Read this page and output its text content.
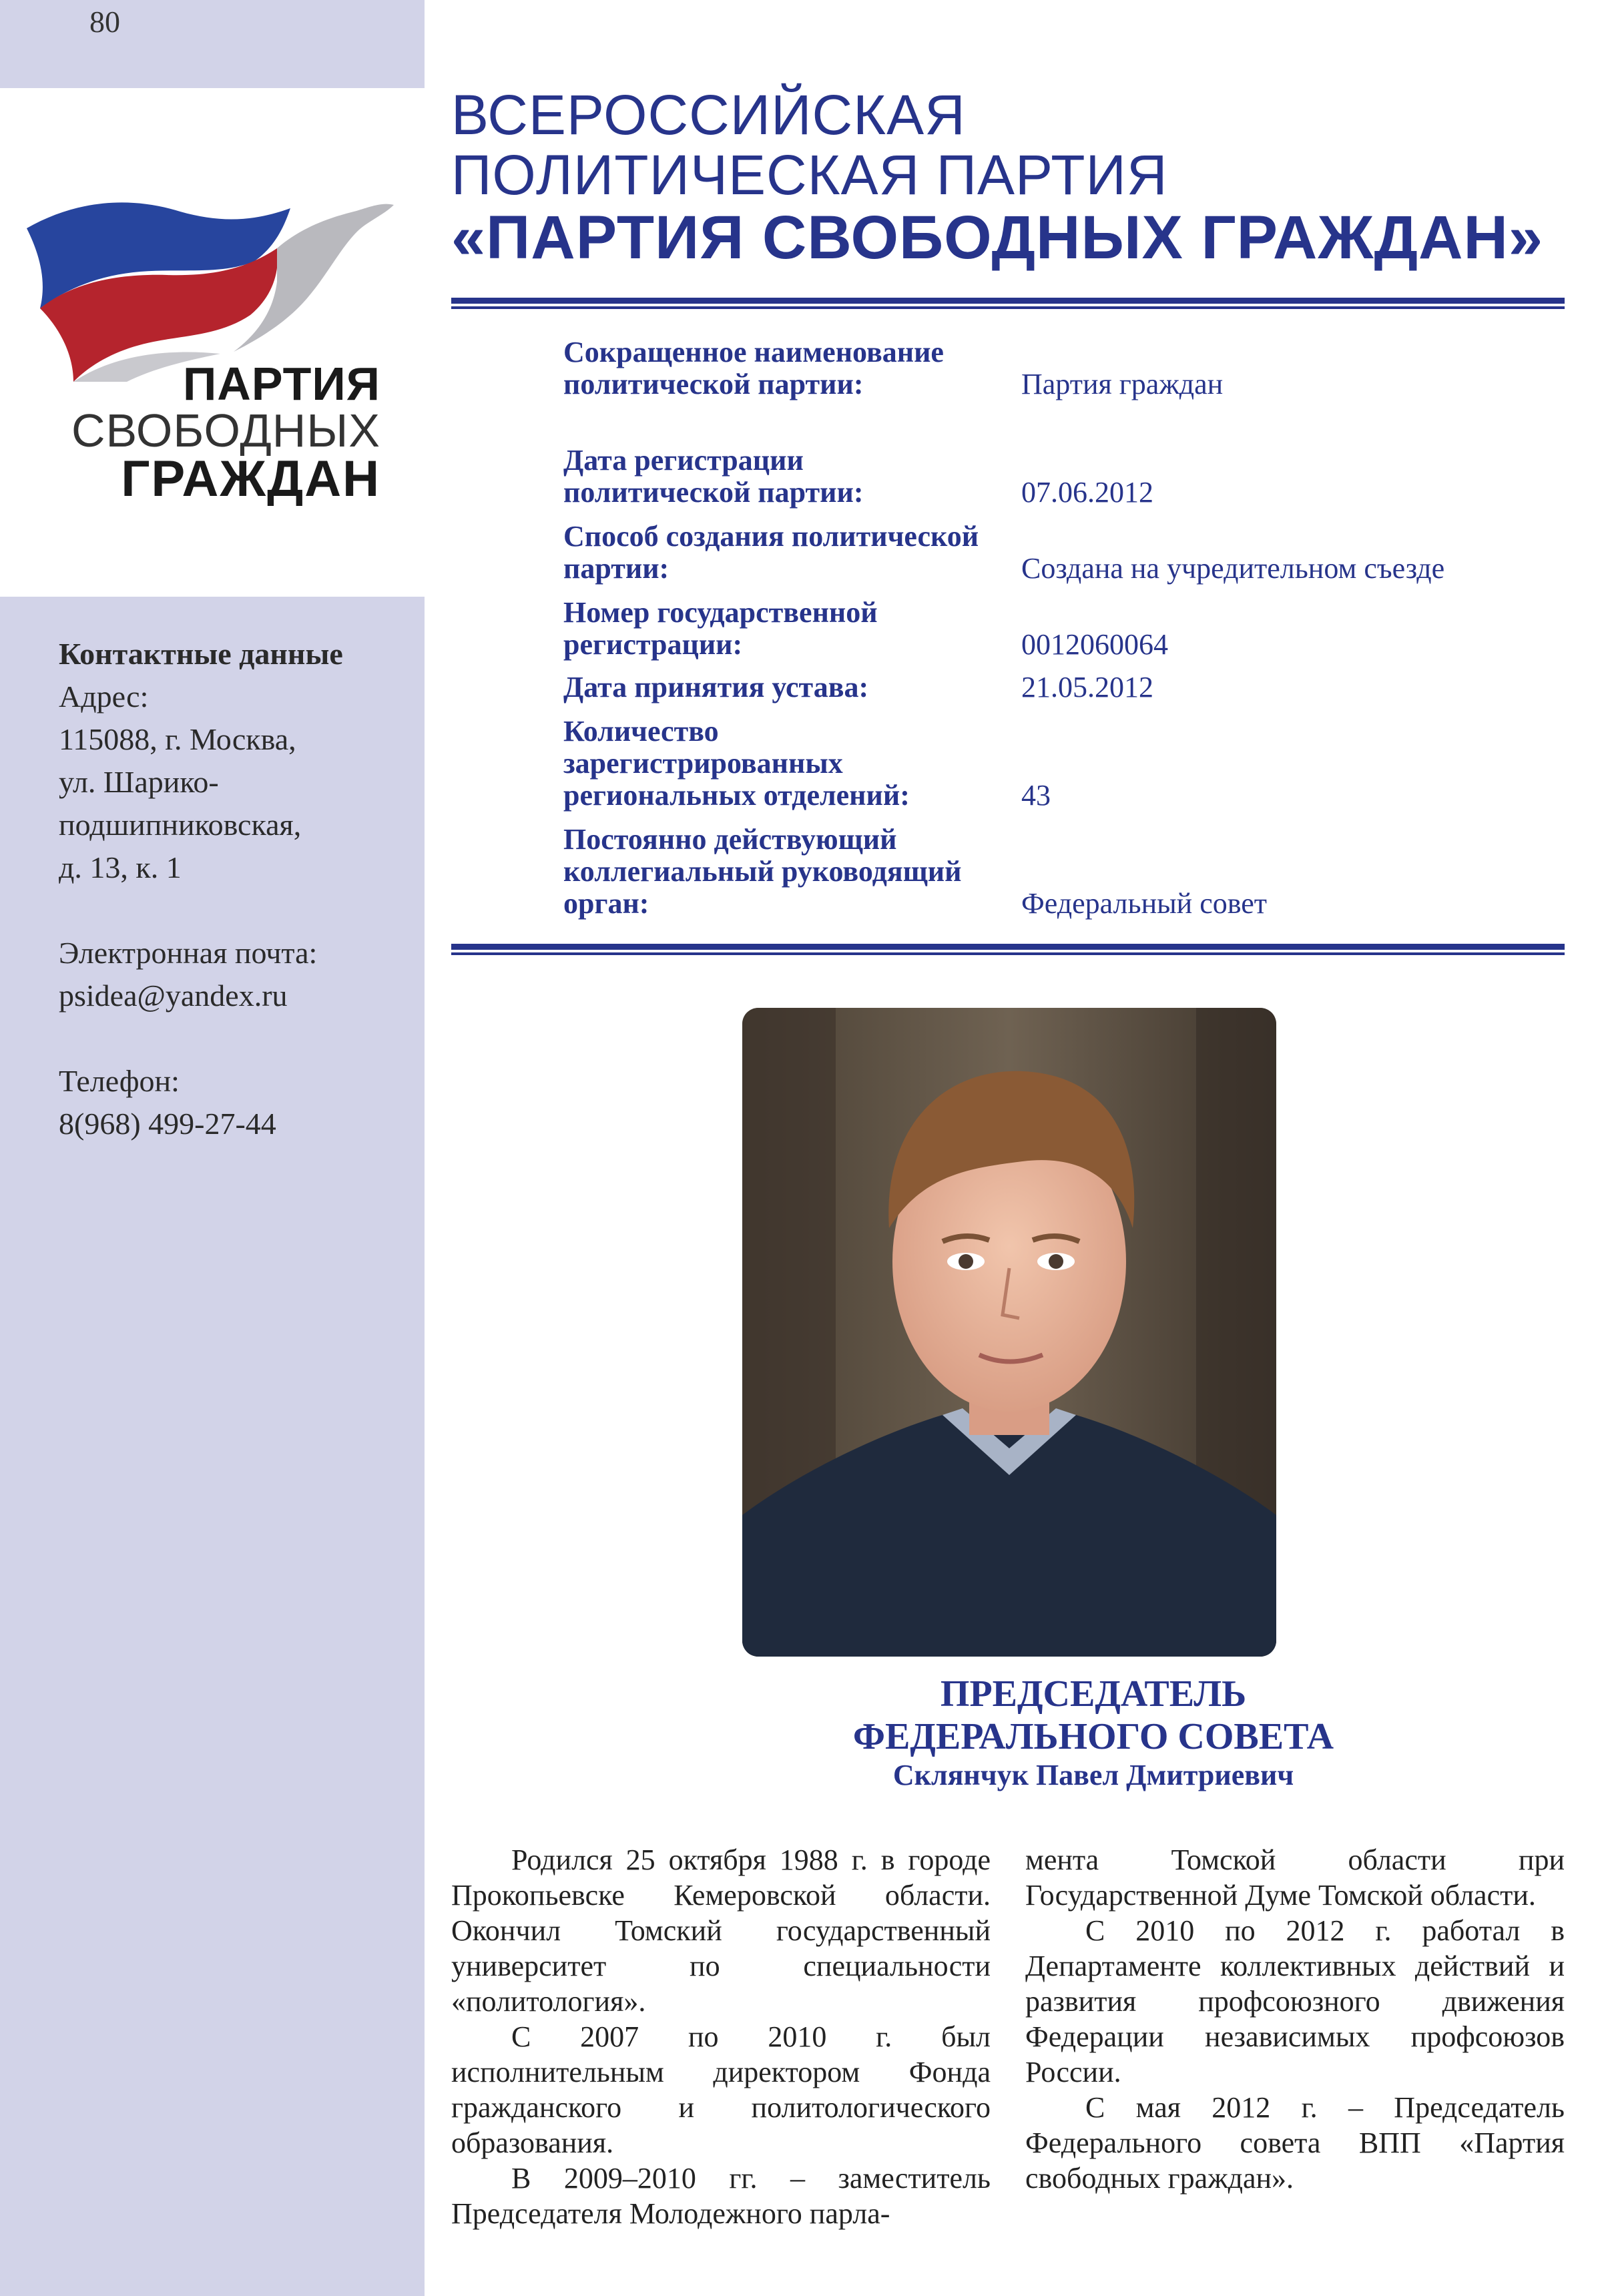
80
ПАРТИЯ
СВОБОДНЫХ
ГРАЖДАН
Контактные данные
Адрес:
115088, г. Москва,
ул. Шарико-
подшипниковская,
д. 13, к. 1
Электронная почта:
psidea@yandex.ru
Телефон:
8(968) 499-27-44
ВСЕРОССИЙСКАЯ
ПОЛИТИЧЕСКАЯ ПАРТИЯ
«ПАРТИЯ СВОБОДНЫХ ГРАЖДАН»
Сокращенное наименование политической партии:	Партия граждан
Дата регистрации политической партии:	07.06.2012
Способ создания политической партии:	Создана на учредительном съезде
Номер государственной регистрации:	0012060064
Дата принятия устава:	21.05.2012
Количество зарегистрированных региональных отделений:	43
Постоянно действующий коллегиальный руководящий орган:	Федеральный совет
ПРЕДСЕДАТЕЛЬ
ФЕДЕРАЛЬНОГО СОВЕТА
Склянчук Павел Дмитриевич

Родился 25 октября 1988 г. в городе Прокопьевске Кемеровской области. Окончил Томский государственный университет по специальности «политология».

С 2007 по 2010 г. был исполнительным директором Фонда гражданского и политологического образования.

В 2009–2010 гг. – заместитель Председателя Молодежного парла-

мента Томской области при Государственной Думе Томской области.

С 2010 по 2012 г. работал в Департаменте коллективных действий и развития профсоюзного движения Федерации независимых профсоюзов России.

С мая 2012 г. – Председатель Федерального совета ВПП «Партия свободных граждан».
